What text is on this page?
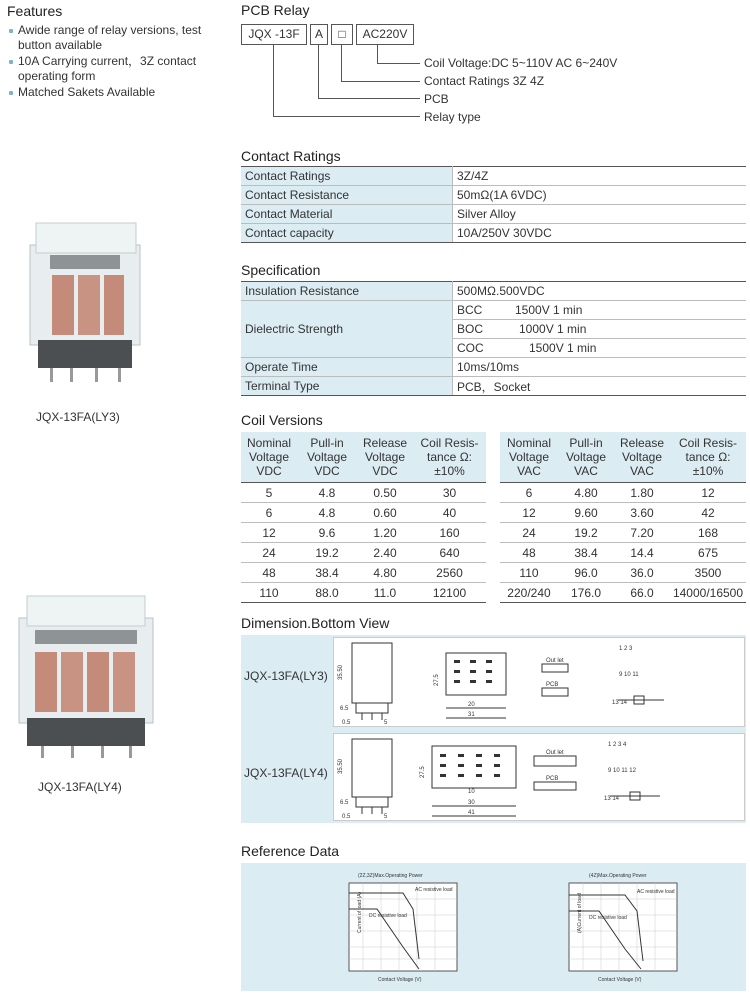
Features
Awide range of relay versions, test button available
10A Carrying current，3Z contact operating form
Matched Sakets Available
JQX-13FA(LY3)
JQX-13FA(LY4)
PCB Relay
JQX -13F	A	□	AC220V
Coil Voltage:DC 5~110V AC 6~240V
Contact Ratings 3Z 4Z
PCB
Relay type
Contact Ratings
Contact Ratings	3Z/4Z
Contact Resistance	50mΩ(1A 6VDC)
Contact Material	Silver Alloy
Contact capacity	10A/250V 30VDC
Specification
Insulation Resistance	500MΩ.500VDC
Dielectric Strength	BCC 1500V 1 min
	BOC 1000V 1 min
	COC 1500V 1 min
Operate Time	10ms/10ms
Terminal Type	PCB，Socket
Coil Versions
Nominal Voltage VDC	Pull-in Voltage VDC	Release Voltage VDC	Coil Resis- tance Ω: ±10%
5	4.8	0.50	30
6	4.8	0.60	40
12	9.6	1.20	160
24	19.2	2.40	640
48	38.4	4.80	2560
110	88.0	11.0	12100
Nominal Voltage VAC	Pull-in Voltage VAC	Release Voltage VAC	Coil Resis- tance Ω: ±10%
6	4.80	1.80	12
12	9.60	3.60	42
24	19.2	7.20	168
48	38.4	14.4	675
110	96.0	36.0	3500
220/240	176.0	66.0	14000/16500
Dimension.Bottom View
JQX-13FA(LY3)
JQX-13FA(LY4)
35.50
6.5
0.5	5
27.5
20
31
Out let
PCB
1 2 3
9 10 11
13 14
35.50
6.5
0.5	5
27.5
10
30
41
Out let
PCB
1 2 3 4
9 10 11 12
13 14
Reference Data
(2Z,3Z)Max.Operating Power
AC resistive load
DC resistive load
Current of load (A)
Contact Voltage (V)
(4Z)Max.Operating Power
AC resistive load
DC resistive load
(A)Current of load
Contact Voltage (V)
